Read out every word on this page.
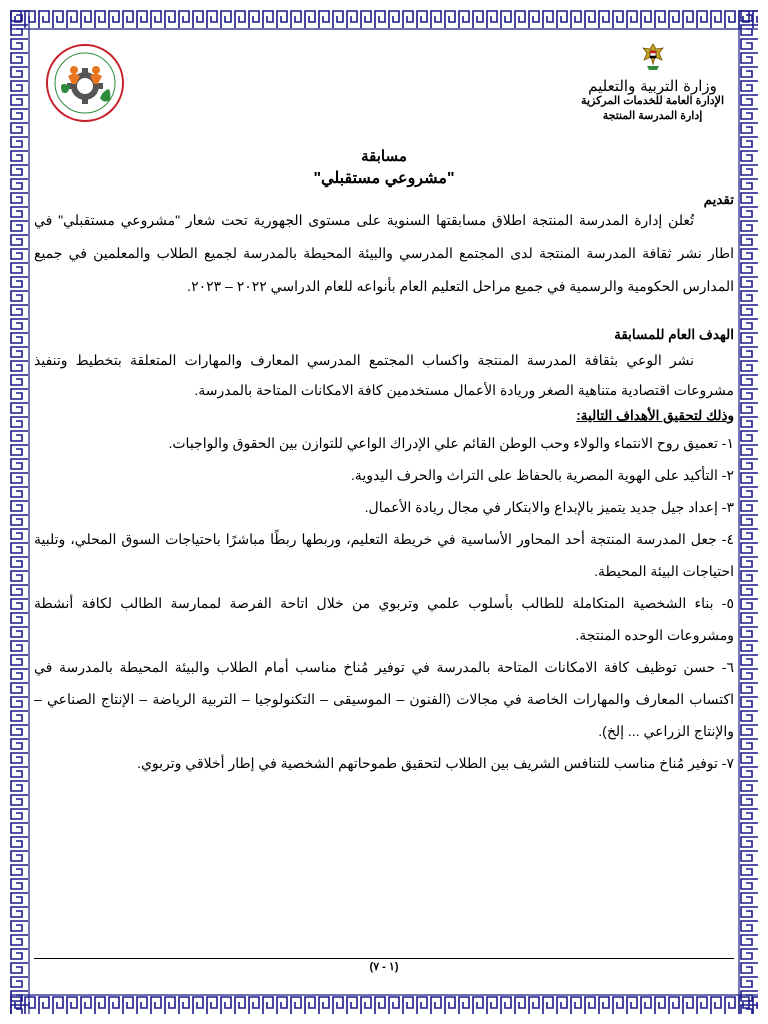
وزارة التربية والتعليم
الإدارة العامة للخدمات المركزية
إدارة المدرسة المنتجة
مسابقة
"مشروعي مستقبلي"
تقديم
تُعلن إدارة المدرسة المنتجة اطلاق مسابقتها السنوية على مستوى الجهورية تحت شعار "مشروعي مستقبلي" في اطار نشر ثقافة المدرسة المنتجة لدى المجتمع المدرسي والبيئة المحيطة بالمدرسة لجميع الطلاب والمعلمين في جميع المدارس الحكومية والرسمية في جميع مراحل التعليم العام بأنواعه للعام الدراسي ٢٠٢٢ – ٢٠٢٣.
الهدف العام للمسابقة
نشر الوعي بثقافة المدرسة المنتجة واكساب المجتمع المدرسي المعارف والمهارات المتعلقة بتخطيط وتنفيذ مشروعات اقتصادية متناهية الصغر وريادة الأعمال مستخدمين كافة الامكانات المتاحة بالمدرسة.
وذلك لتحقيق الأهداف التالية:

١- تعميق روح الانتماء والولاء وحب الوطن القائم علي الإدراك الواعي للتوازن بين الحقوق والواجبات.

٢- التأكيد على الهوية المصرية بالحفاظ على التراث والحرف اليدوية.

٣- إعداد جيل جديد يتميز بالإبداع والابتكار في مجال ريادة الأعمال.

٤- جعل المدرسة المنتجة أحد المحاور الأساسية في خريطة التعليم، وربطها ربطًا مباشرًا باحتياجات السوق المحلي، وتلبية احتياجات البيئة المحيطة.

٥- بناء الشخصية المتكاملة للطالب بأسلوب علمي وتربوي من خلال اتاحة الفرصة لممارسة الطالب لكافة أنشطة ومشروعات الوحده المنتجة.

٦- حسن توظيف كافة الامكانات المتاحة بالمدرسة في توفير مُناخ مناسب أمام الطلاب والبيئة المحيطة بالمدرسة في اكتساب المعارف والمهارات الخاصة في مجالات (الفنون – الموسيقى – التكنولوجيا – التربية الرياضة – الإنتاج الصناعي – والإنتاج الزراعي ... إلخ).

٧- توفير مُناخ مناسب للتنافس الشريف بين الطلاب لتحقيق طموحاتهم الشخصية في إطار أخلاقي وتربوي.

(١ - ٧)
